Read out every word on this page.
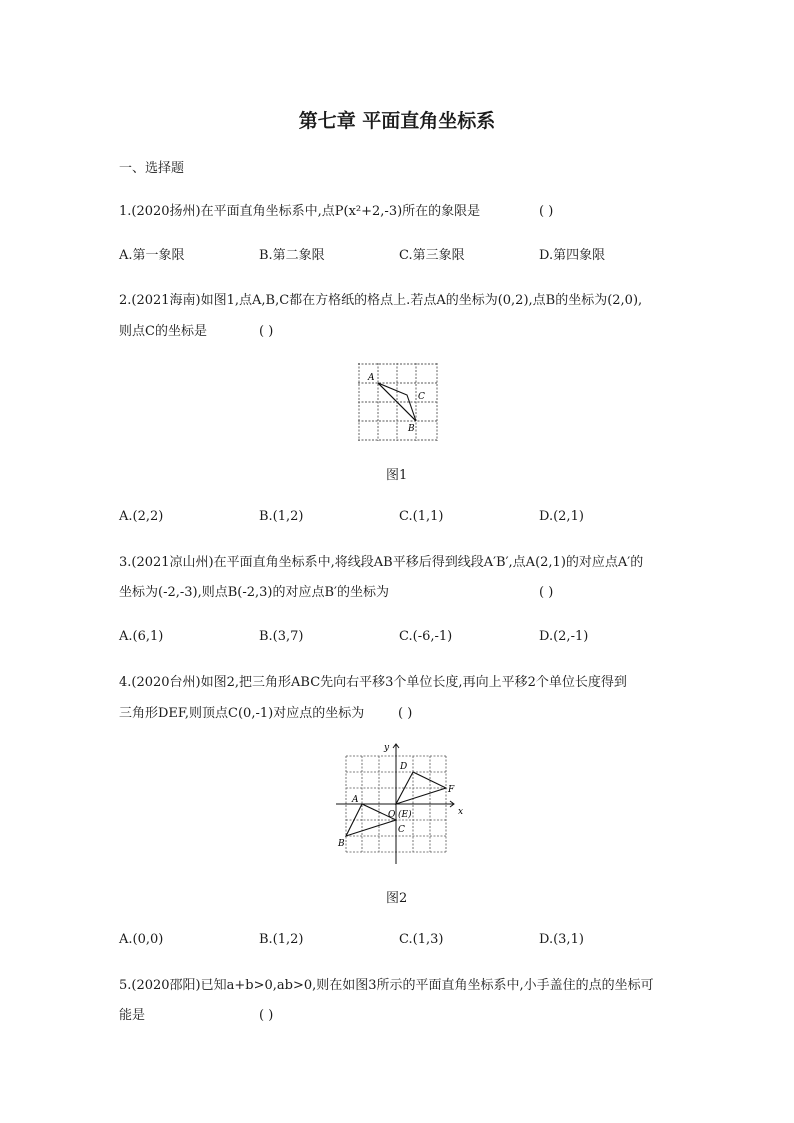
第七章 平面直角坐标系
一、选择题
1.(2020扬州)在平面直角坐标系中,点P(x²+2,-3)所在的象限是	( )
A.第一象限	B.第二象限	C.第三象限	D.第四象限
2.(2021海南)如图1,点A,B,C都在方格纸的格点上.若点A的坐标为(0,2),点B的坐标为(2,0),
则点C的坐标是	( )
A
C
B
图1
A.(2,2)	B.(1,2)	C.(1,1)	D.(2,1)
3.(2021凉山州)在平面直角坐标系中,将线段AB平移后得到线段A′B′,点A(2,1)的对应点A′的
坐标为(-2,-3),则点B(-2,3)的对应点B′的坐标为	( )
A.(6,1)	B.(3,7)	C.(-6,-1)	D.(2,-1)
4.(2020台州)如图2,把三角形ABC先向右平移3个单位长度,再向上平移2个单位长度得到
三角形DEF,则顶点C(0,-1)对应点的坐标为	( )
x
y
D
F
A
O (E)
C
B
图2
A.(0,0)	B.(1,2)	C.(1,3)	D.(3,1)
5.(2020邵阳)已知a+b>0,ab>0,则在如图3所示的平面直角坐标系中,小手盖住的点的坐标可
能是	( )
